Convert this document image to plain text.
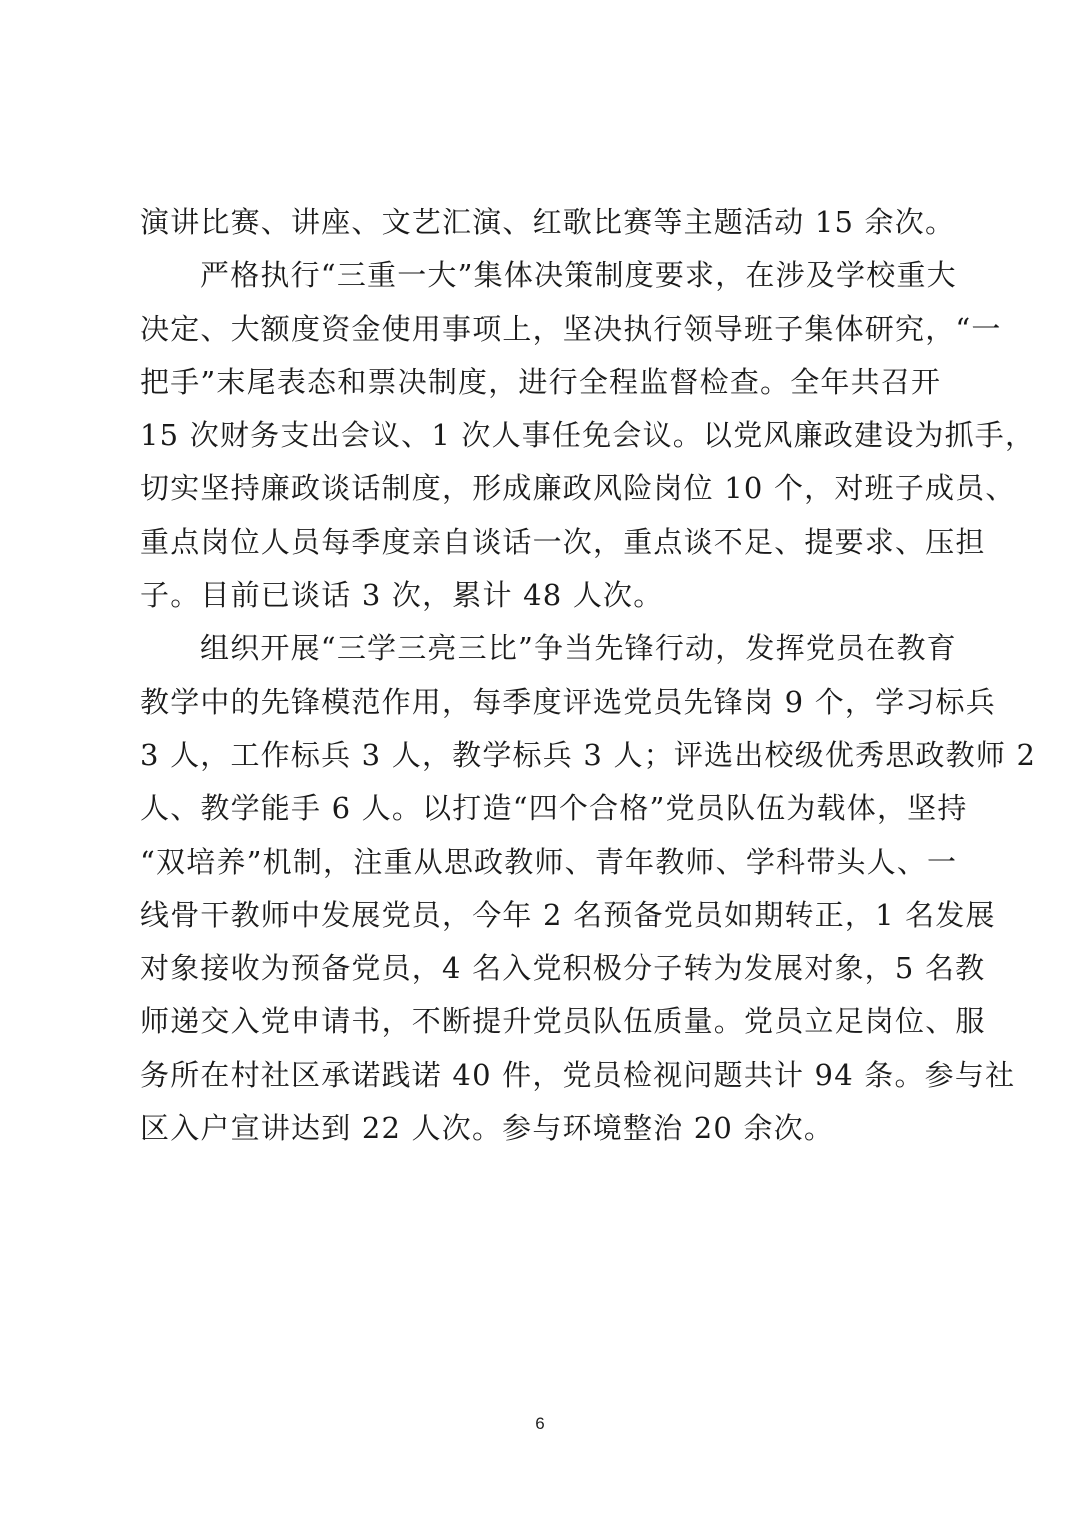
演讲比赛、讲座、文艺汇演、红歌比赛等主题活动 15 余次。
严格执行“三重一大”集体决策制度要求，在涉及学校重大
决定、大额度资金使用事项上，坚决执行领导班子集体研究，“一
把手”末尾表态和票决制度，进行全程监督检查。全年共召开
15 次财务支出会议、1 次人事任免会议。以党风廉政建设为抓手，
切实坚持廉政谈话制度，形成廉政风险岗位 10 个，对班子成员、
重点岗位人员每季度亲自谈话一次，重点谈不足、提要求、压担
子。目前已谈话 3 次，累计 48 人次。
组织开展“三学三亮三比”争当先锋行动，发挥党员在教育
教学中的先锋模范作用，每季度评选党员先锋岗 9 个，学习标兵
3 人，工作标兵 3 人，教学标兵 3 人；评选出校级优秀思政教师 2
人、教学能手 6 人。以打造“四个合格”党员队伍为载体，坚持
“双培养”机制，注重从思政教师、青年教师、学科带头人、一
线骨干教师中发展党员，今年 2 名预备党员如期转正，1 名发展
对象接收为预备党员，4 名入党积极分子转为发展对象，5 名教
师递交入党申请书，不断提升党员队伍质量。党员立足岗位、服
务所在村社区承诺践诺 40 件，党员检视问题共计 94 条。参与社
区入户宣讲达到 22 人次。参与环境整治 20 余次。
6
